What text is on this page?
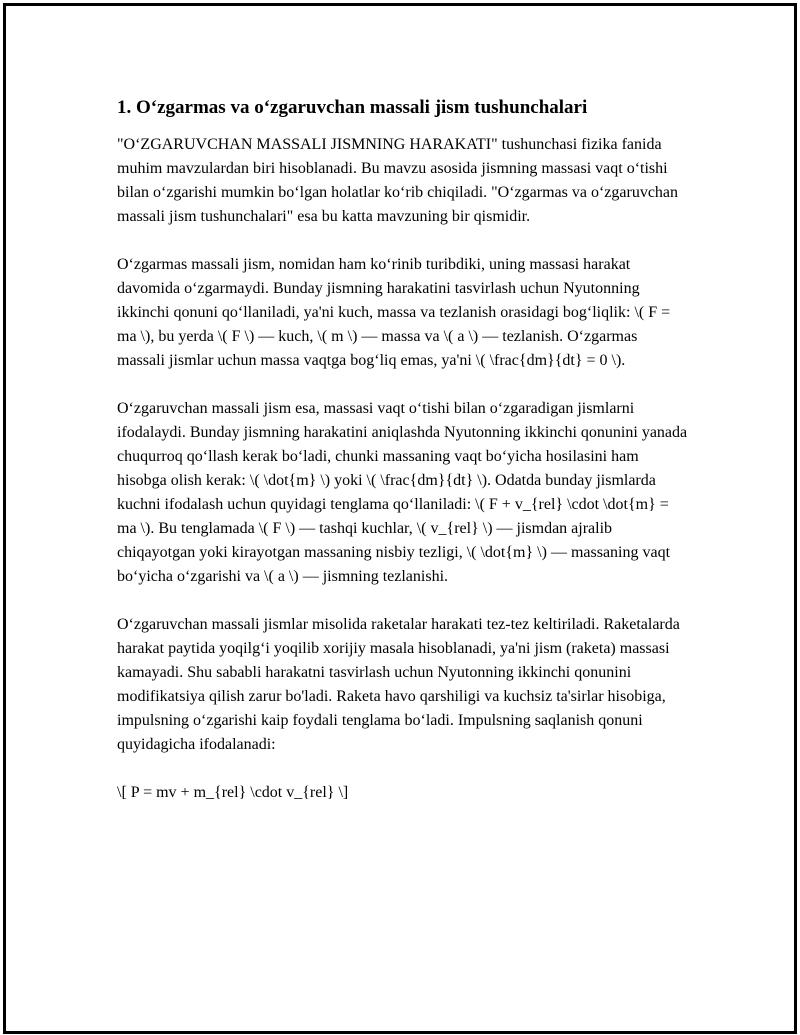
1. O‘zgarmas va o‘zgaruvchan massali jism tushunchalari

"O‘ZGARUVCHAN MASSALI JISMNING HARAKATI" tushunchasi fizika fanida muhim mavzulardan biri hisoblanadi. Bu mavzu asosida jismning massasi vaqt o‘tishi bilan o‘zgarishi mumkin bo‘lgan holatlar ko‘rib chiqiladi. "O‘zgarmas va o‘zgaruvchan massali jism tushunchalari" esa bu katta mavzuning bir qismidir.

O‘zgarmas massali jism, nomidan ham ko‘rinib turibdiki, uning massasi harakat davomida o‘zgarmaydi. Bunday jismning harakatini tasvirlash uchun Nyutonning ikkinchi qonuni qo‘llaniladi, ya'ni kuch, massa va tezlanish orasidagi bog‘liqlik: \( F = ma \), bu yerda \( F \) — kuch, \( m \) — massa va \( a \) — tezlanish. O‘zgarmas massali jismlar uchun massa vaqtga bog‘liq emas, ya'ni \( \frac{dm}{dt} = 0 \).

O‘zgaruvchan massali jism esa, massasi vaqt o‘tishi bilan o‘zgaradigan jismlarni ifodalaydi. Bunday jismning harakatini aniqlashda Nyutonning ikkinchi qonunini yanada chuqurroq qo‘llash kerak bo‘ladi, chunki massaning vaqt bo‘yicha hosilasini ham hisobga olish kerak: \( \dot{m} \) yoki \( \frac{dm}{dt} \). Odatda bunday jismlarda kuchni ifodalash uchun quyidagi tenglama qo‘llaniladi: \( F + v_{rel} \cdot \dot{m} = ma \). Bu tenglamada \( F \) — tashqi kuchlar, \( v_{rel} \) — jismdan ajralib chiqayotgan yoki kirayotgan massaning nisbiy tezligi, \( \dot{m} \) — massaning vaqt bo‘yicha o‘zgarishi va \( a \) — jismning tezlanishi.

O‘zgaruvchan massali jismlar misolida raketalar harakati tez-tez keltiriladi. Raketalarda harakat paytida yoqilg‘i yoqilib xorijiy masala hisoblanadi, ya'ni jism (raketa) massasi kamayadi. Shu sababli harakatni tasvirlash uchun Nyutonning ikkinchi qonunini modifikatsiya qilish zarur bo'ladi. Raketa havo qarshiligi va kuchsiz ta'sirlar hisobiga, impulsning o‘zgarishi kaip foydali tenglama bo‘ladi. Impulsning saqlanish qonuni quyidagicha ifodalanadi:

\[ P = mv + m_{rel} \cdot v_{rel} \]
